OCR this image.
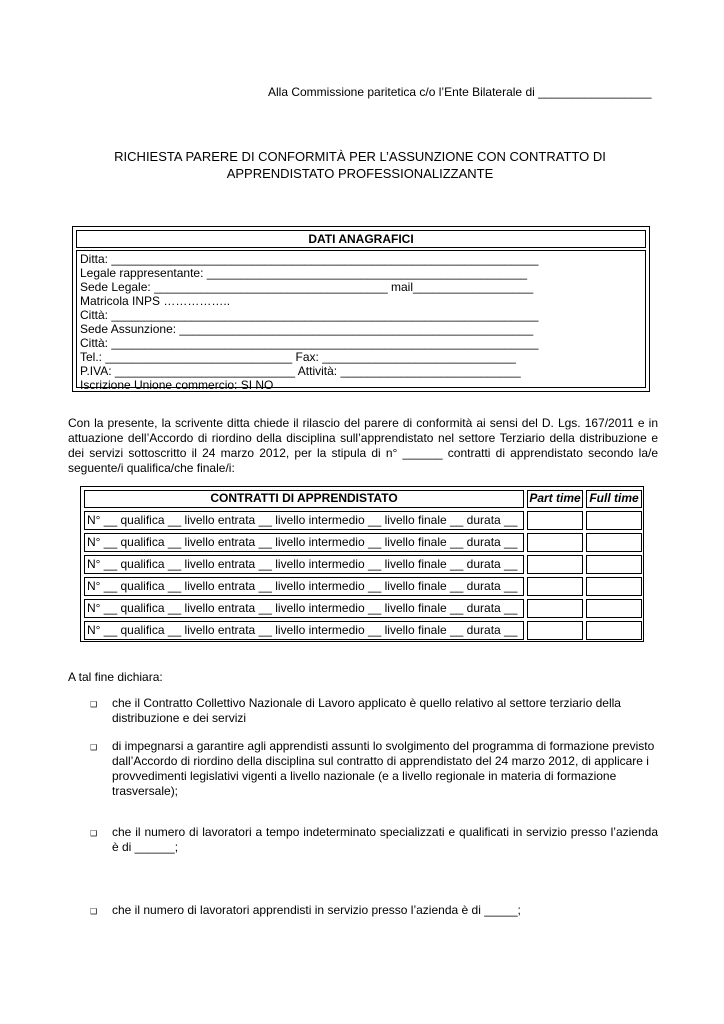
Alla Commissione paritetica c/o l’Ente Bilaterale di _________________
RICHIESTA PARERE DI CONFORMITÀ PER L’ASSUNZIONE CON CONTRATTO DI
APPRENDISTATO PROFESSIONALIZZANTE
DATI ANAGRAFICI
Ditta: ________________________________________________________________
Legale rappresentante: ________________________________________________
Sede Legale: ___________________________________ mail__________________
Matricola INPS ……………..
Città: ________________________________________________________________
Sede Assunzione: _____________________________________________________
Città: ________________________________________________________________
Tel.: ____________________________ Fax: _____________________________
P.IVA: ___________________________ Attività: ___________________________
Iscrizione Unione commercio: SI NO
Con la presente, la scrivente ditta chiede il rilascio del parere di conformità ai sensi del D. Lgs. 167/2011 e in attuazione dell’Accordo di riordino della disciplina sull’apprendistato nel settore Terziario della distribuzione e dei servizi sottoscritto il 24 marzo 2012, per la stipula di n° ______ contratti di apprendistato secondo la/e seguente/i qualifica/che finale/i:
CONTRATTI DI APPRENDISTATO	Part time Full time
N° __ qualifica __ livello entrata __ livello intermedio __ livello finale __ durata __
N° __ qualifica __ livello entrata __ livello intermedio __ livello finale __ durata __
N° __ qualifica __ livello entrata __ livello intermedio __ livello finale __ durata __
N° __ qualifica __ livello entrata __ livello intermedio __ livello finale __ durata __
N° __ qualifica __ livello entrata __ livello intermedio __ livello finale __ durata __
N° __ qualifica __ livello entrata __ livello intermedio __ livello finale __ durata __
A tal fine dichiara:
❑ che il Contratto Collettivo Nazionale di Lavoro applicato è quello relativo al settore terziario della distribuzione e dei servizi
❑ di impegnarsi a garantire agli apprendisti assunti lo svolgimento del programma di formazione previsto dall’Accordo di riordino della disciplina sul contratto di apprendistato del 24 marzo 2012, di applicare i provvedimenti legislativi vigenti a livello nazionale (e a livello regionale in materia di formazione trasversale);
❑ che il numero di lavoratori a tempo indeterminato specializzati e qualificati in servizio presso l’azienda è di ______;
❑ che il numero di lavoratori apprendisti in servizio presso l’azienda è di _____;
